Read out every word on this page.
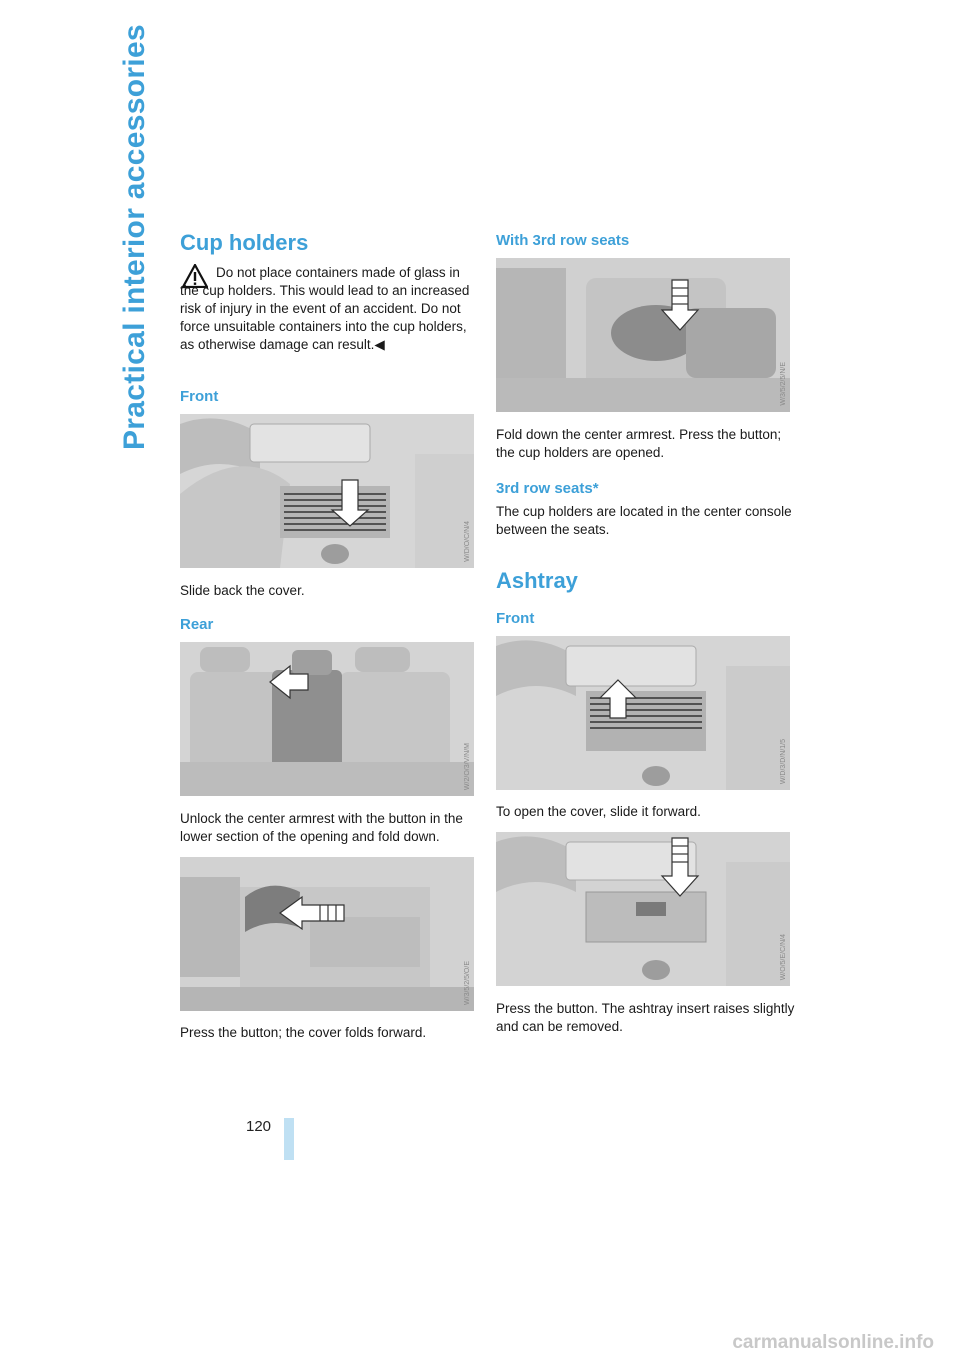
Practical interior accessories Cup holders
Do not place containers made of glass in the cup holders. This would lead to an increased risk of injury in the event of an accident. Do not force unsuitable containers into the cup holders, as otherwise damage can result.◀
Front
W/D/O/C/N/4

Slide back the cover.

Rear
W/2/O/3/V/N/M

Unlock the center armrest with the button in the lower section of the opening and fold down.

W/3/5/2/5/O/E

Press the button; the cover folds forward.

With 3rd row seats
W/3/5/2/5/N/E

Fold down the center armrest. Press the button; the cup holders are opened.

3rd row seats*

The cup holders are located in the center console between the seats.

Ashtray
Front
W/D/3/D/N/1/5

To open the cover, slide it forward.

W/O/5/E/C/N/4

Press the button. The ashtray insert raises slightly and can be removed.

120
carmanualsonline.info
